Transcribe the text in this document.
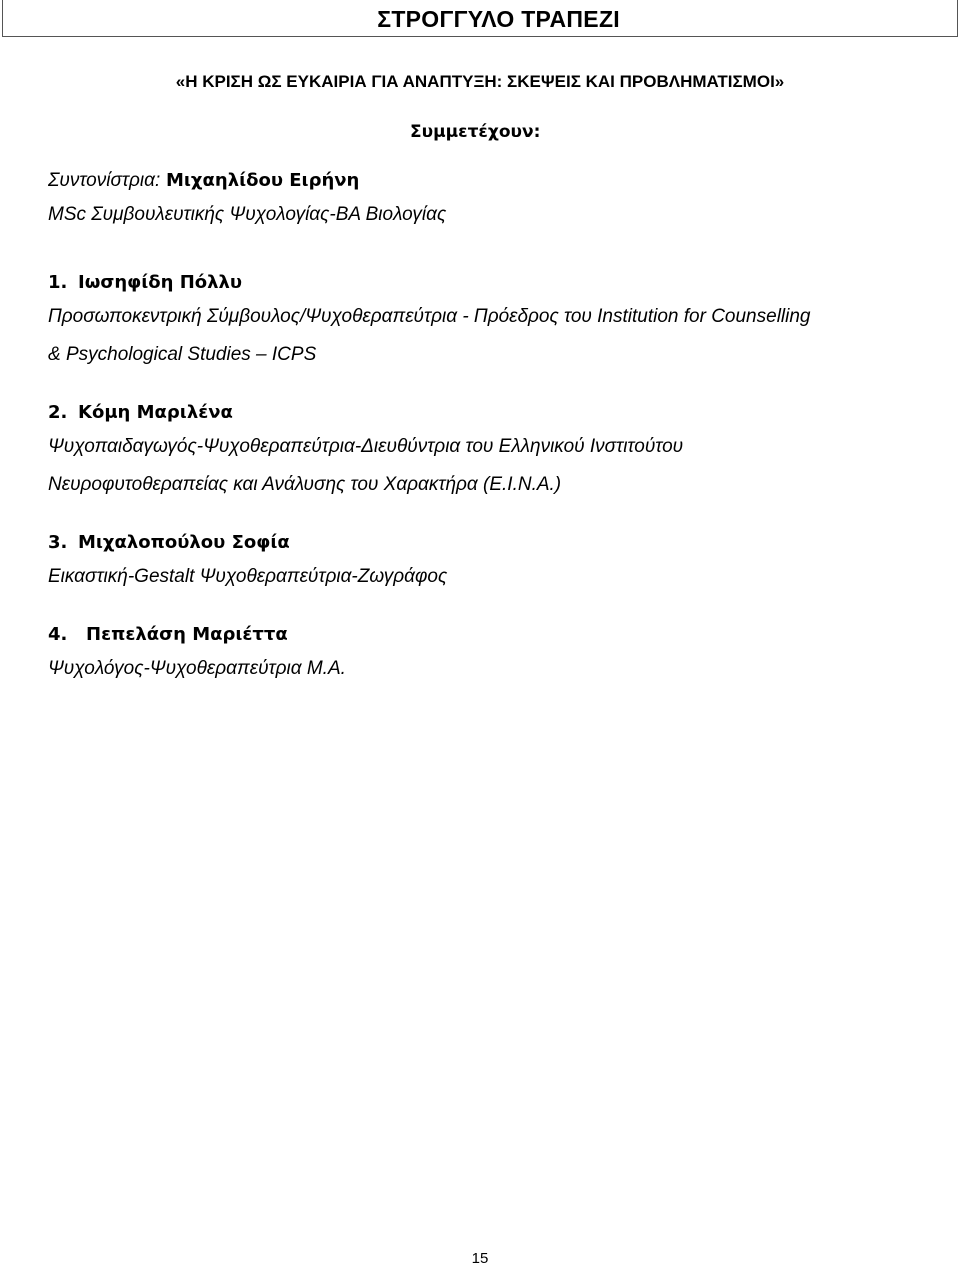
ΣΤΡΟΓΓΥΛΟ ΤΡΑΠΕΖΙ
«Η ΚΡΙΣΗ ΩΣ ΕΥΚΑΙΡΙΑ ΓΙΑ ΑΝΑΠΤΥΞΗ: ΣΚΕΨΕΙΣ ΚΑΙ ΠΡΟΒΛΗΜΑΤΙΣΜΟΙ»
Συμμετέχουν:
Συντονίστρια: Μιχαηλίδου Ειρήνη
MSc Συμβουλευτικής Ψυχολογίας-BA Βιολογίας
1. Ιωσηφίδη Πόλλυ
Προσωποκεντρική Σύμβουλος/Ψυχοθεραπεύτρια - Πρόεδρος του Institution for Counselling
& Psychological Studies – ICPS
2. Κόμη Μαριλένα
Ψυχοπαιδαγωγός-Ψυχοθεραπεύτρια-Διευθύντρια του Ελληνικού Ινστιτούτου
Νευροφυτοθεραπείας και Ανάλυσης του Χαρακτήρα (Ε.Ι.Ν.Α.)
3. Μιχαλοπούλου Σοφία
Εικαστική-Gestalt Ψυχοθεραπεύτρια-Ζωγράφος
4. Πεπελάση Μαριέττα
Ψυχολόγος-Ψυχοθεραπεύτρια Μ.Α.
15
